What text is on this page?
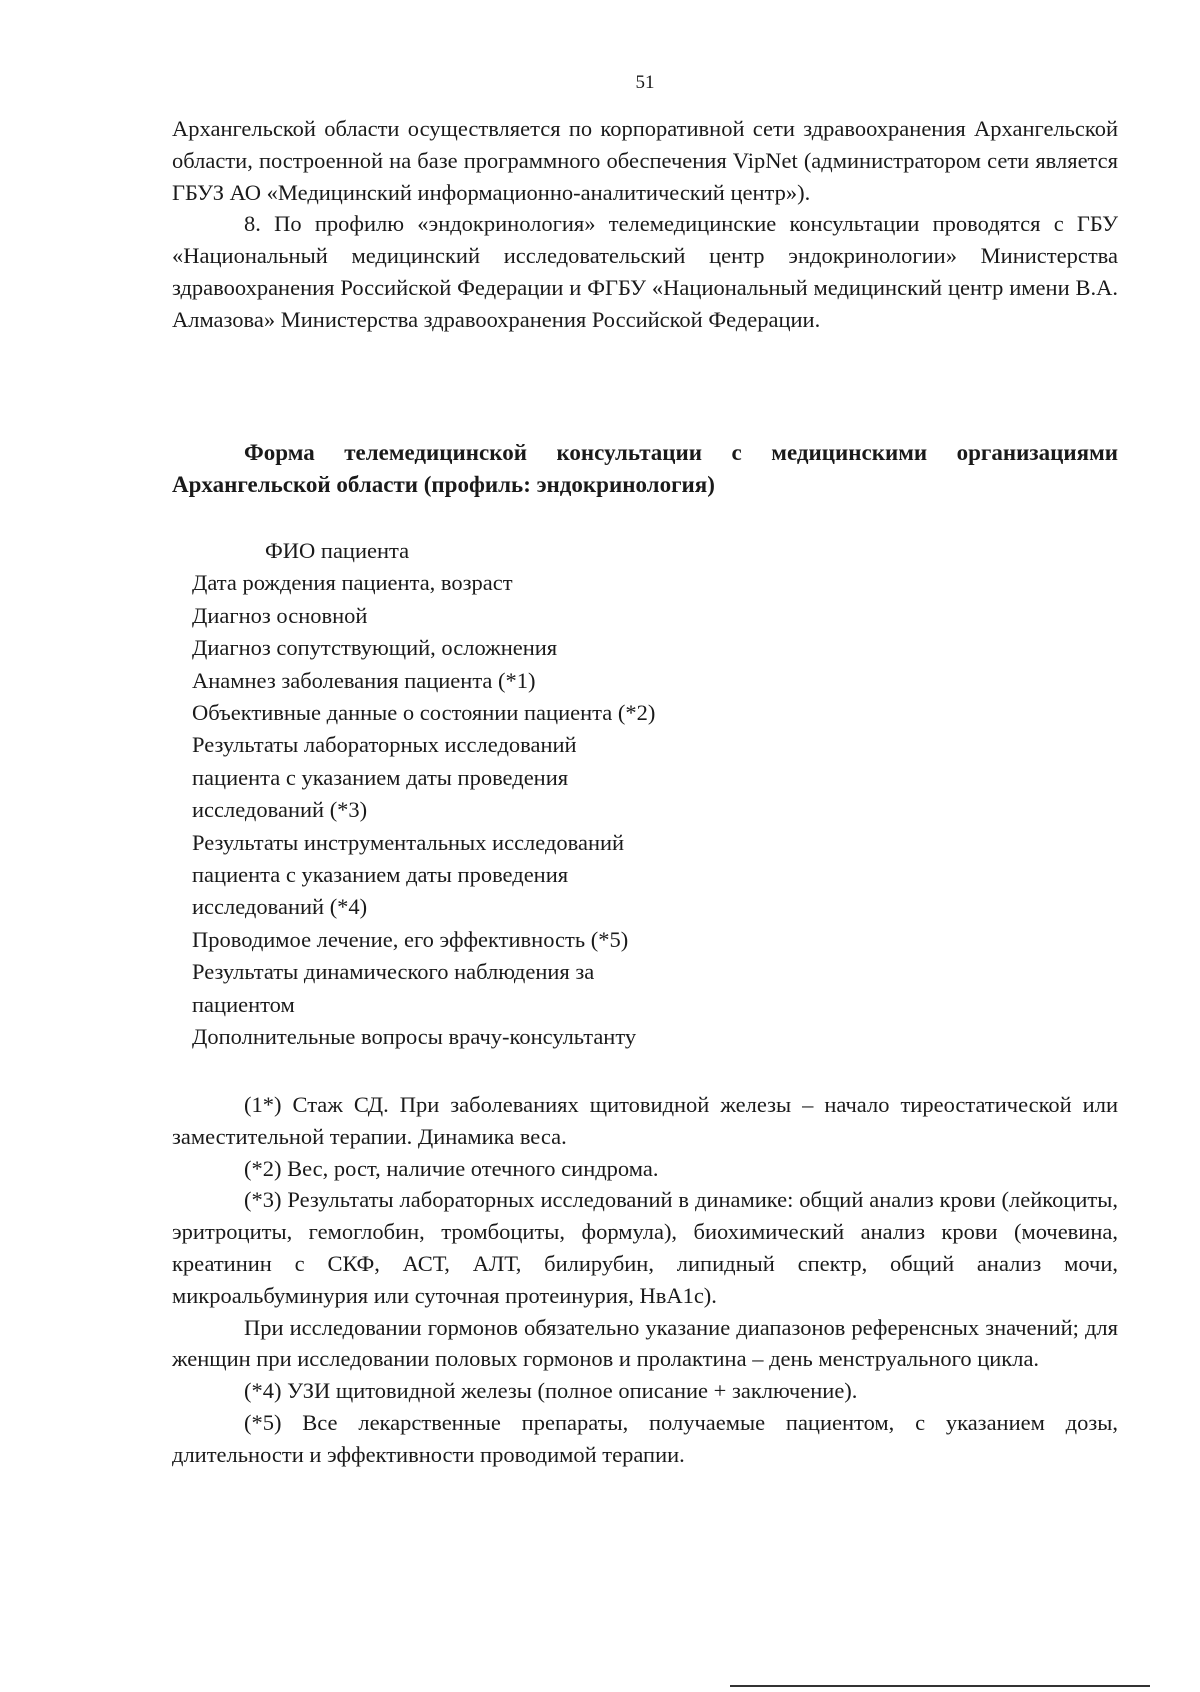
51

Архангельской области осуществляется по корпоративной сети здравоохранения Архангельской области, построенной на базе программного обеспечения VipNet (администратором сети является ГБУЗ АО «Медицинский информационно-аналитический центр»).

8. По профилю «эндокринология» телемедицинские консультации проводятся с ГБУ «Национальный медицинский исследовательский центр эндокринологии» Министерства здравоохранения Российской Федерации и ФГБУ «Национальный медицинский центр имени В.А. Алмазова» Министерства здравоохранения Российской Федерации.

Форма телемедицинской консультации с медицинскими организациями Архангельской области (профиль: эндокринология)
ФИО пациента
Дата рождения пациента, возраст
Диагноз основной
Диагноз сопутствующий, осложнения
Анамнез заболевания пациента (*1)
Объективные данные о состоянии пациента (*2)
Результаты лабораторных исследований
пациента с указанием даты проведения
исследований (*3)
Результаты инструментальных исследований
пациента с указанием даты проведения
исследований (*4)
Проводимое лечение, его эффективность (*5)
Результаты динамического наблюдения за
пациентом
Дополнительные вопросы врачу-консультанту

(1*) Стаж СД. При заболеваниях щитовидной железы – начало тиреостатической или заместительной терапии. Динамика веса.

(*2) Вес, рост, наличие отечного синдрома.

(*3) Результаты лабораторных исследований в динамике: общий анализ крови (лейкоциты, эритроциты, гемоглобин, тромбоциты, формула), биохимический анализ крови (мочевина, креатинин с СКФ, АСТ, АЛТ, билирубин, липидный спектр, общий анализ мочи, микроальбуминурия или суточная протеинурия, HвA1c).

При исследовании гормонов обязательно указание диапазонов референсных значений; для женщин при исследовании половых гормонов и пролактина – день менструального цикла.

(*4) УЗИ щитовидной железы (полное описание + заключение).

(*5) Все лекарственные препараты, получаемые пациентом, с указанием дозы, длительности и эффективности проводимой терапии.
